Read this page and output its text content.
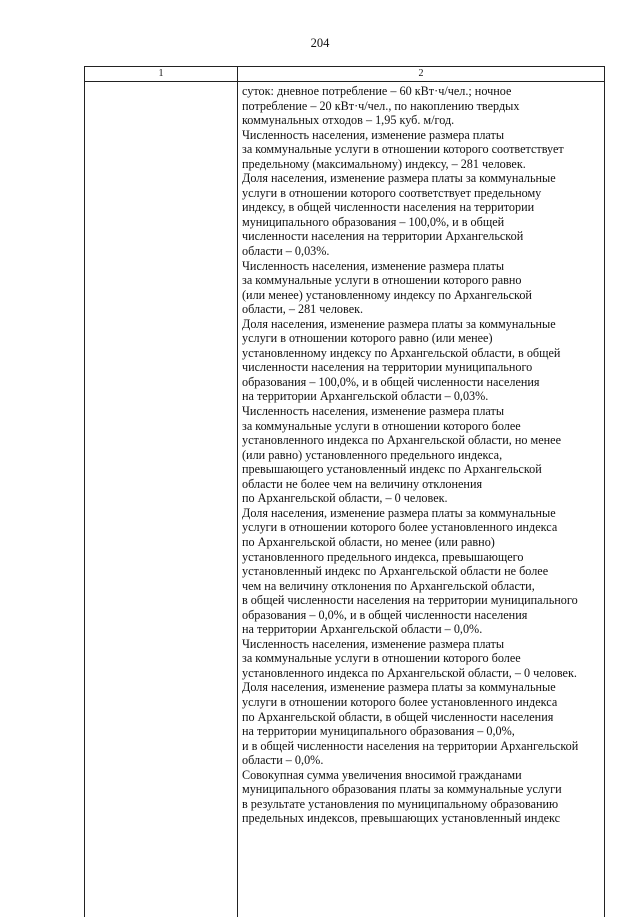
204
1	2
суток: дневное потребление – 60 кВт·ч/чел.; ночное
потребление – 20 кВт·ч/чел., по накоплению твердых
коммунальных отходов – 1,95 куб. м/год.
Численность населения, изменение размера платы
за коммунальные услуги в отношении которого соответствует
предельному (максимальному) индексу, – 281 человек.
Доля населения, изменение размера платы за коммунальные
услуги в отношении которого соответствует предельному
индексу, в общей численности населения на территории
муниципального образования – 100,0%, и в общей
численности населения на территории Архангельской
области – 0,03%.
Численность населения, изменение размера платы
за коммунальные услуги в отношении которого равно
(или менее) установленному индексу по Архангельской
области, – 281 человек.
Доля населения, изменение размера платы за коммунальные
услуги в отношении которого равно (или менее)
установленному индексу по Архангельской области, в общей
численности населения на территории муниципального
образования – 100,0%, и в общей численности населения
на территории Архангельской области – 0,03%.
Численность населения, изменение размера платы
за коммунальные услуги в отношении которого более
установленного индекса по Архангельской области, но менее
(или равно) установленного предельного индекса,
превышающего установленный индекс по Архангельской
области не более чем на величину отклонения
по Архангельской области, – 0 человек.
Доля населения, изменение размера платы за коммунальные
услуги в отношении которого более установленного индекса
по Архангельской области, но менее (или равно)
установленного предельного индекса, превышающего
установленный индекс по Архангельской области не более
чем на величину отклонения по Архангельской области,
в общей численности населения на территории муниципального
образования – 0,0%, и в общей численности населения
на территории Архангельской области – 0,0%.
Численность населения, изменение размера платы
за коммунальные услуги в отношении которого более
установленного индекса по Архангельской области, – 0 человек.
Доля населения, изменение размера платы за коммунальные
услуги в отношении которого более установленного индекса
по Архангельской области, в общей численности населения
на территории муниципального образования – 0,0%,
и в общей численности населения на территории Архангельской
области – 0,0%.
Совокупная сумма увеличения вносимой гражданами
муниципального образования платы за коммунальные услуги
в результате установления по муниципальному образованию
предельных индексов, превышающих установленный индекс
